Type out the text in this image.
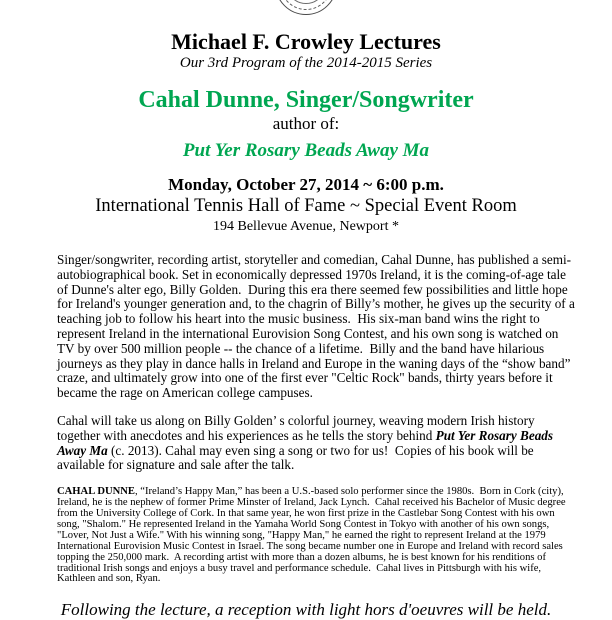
Michael F. Crowley Lectures
Our 3rd Program of the 2014-2015 Series
Cahal Dunne, Singer/Songwriter
author of:
Put Yer Rosary Beads Away Ma
Monday, October 27, 2014 ~ 6:00 p.m.
International Tennis Hall of Fame ~ Special Event Room
194 Bellevue Avenue, Newport *

Singer/songwriter, recording artist, storyteller and comedian, Cahal Dunne, has published a semi-autobiographical book. Set in economically depressed 1970s Ireland, it is the coming-of-age tale of Dunne's alter ego, Billy Golden.  During this era there seemed few possibilities and little hope for Ireland's younger generation and, to the chagrin of Billy’s mother, he gives up the security of a teaching job to follow his heart into the music business.  His six-man band wins the right to represent Ireland in the international Eurovision Song Contest, and his own song is watched on TV by over 500 million people -- the chance of a lifetime.  Billy and the band have hilarious journeys as they play in dance halls in Ireland and Europe in the waning days of the “show band” craze, and ultimately grow into one of the first ever "Celtic Rock" bands, thirty years before it became the rage on American college campuses.

Cahal will take us along on Billy Golden’ s colorful journey, weaving modern Irish history together with anecdotes and his experiences as he tells the story behind Put Yer Rosary Beads Away Ma (c. 2013). Cahal may even sing a song or two for us!  Copies of his book will be available for signature and sale after the talk.

CAHAL DUNNE, “Ireland’s Happy Man,” has been a U.S.-based solo performer since the 1980s.  Born in Cork (city), Ireland, he is the nephew of former Prime Minster of Ireland, Jack Lynch.  Cahal received his Bachelor of Music degree from the University College of Cork. In that same year, he won first prize in the Castlebar Song Contest with his own song, "Shalom." He represented Ireland in the Yamaha World Song Contest in Tokyo with another of his own songs, "Lover, Not Just a Wife." With his winning song, "Happy Man," he earned the right to represent Ireland at the 1979 International Eurovision Music Contest in Israel. The song became number one in Europe and Ireland with record sales topping the 250,000 mark.  A recording artist with more than a dozen albums, he is best known for his renditions of traditional Irish songs and enjoys a busy travel and performance schedule.  Cahal lives in Pittsburgh with his wife, Kathleen and son, Ryan.

Following the lecture, a reception with light hors d'oeuvres will be held.
